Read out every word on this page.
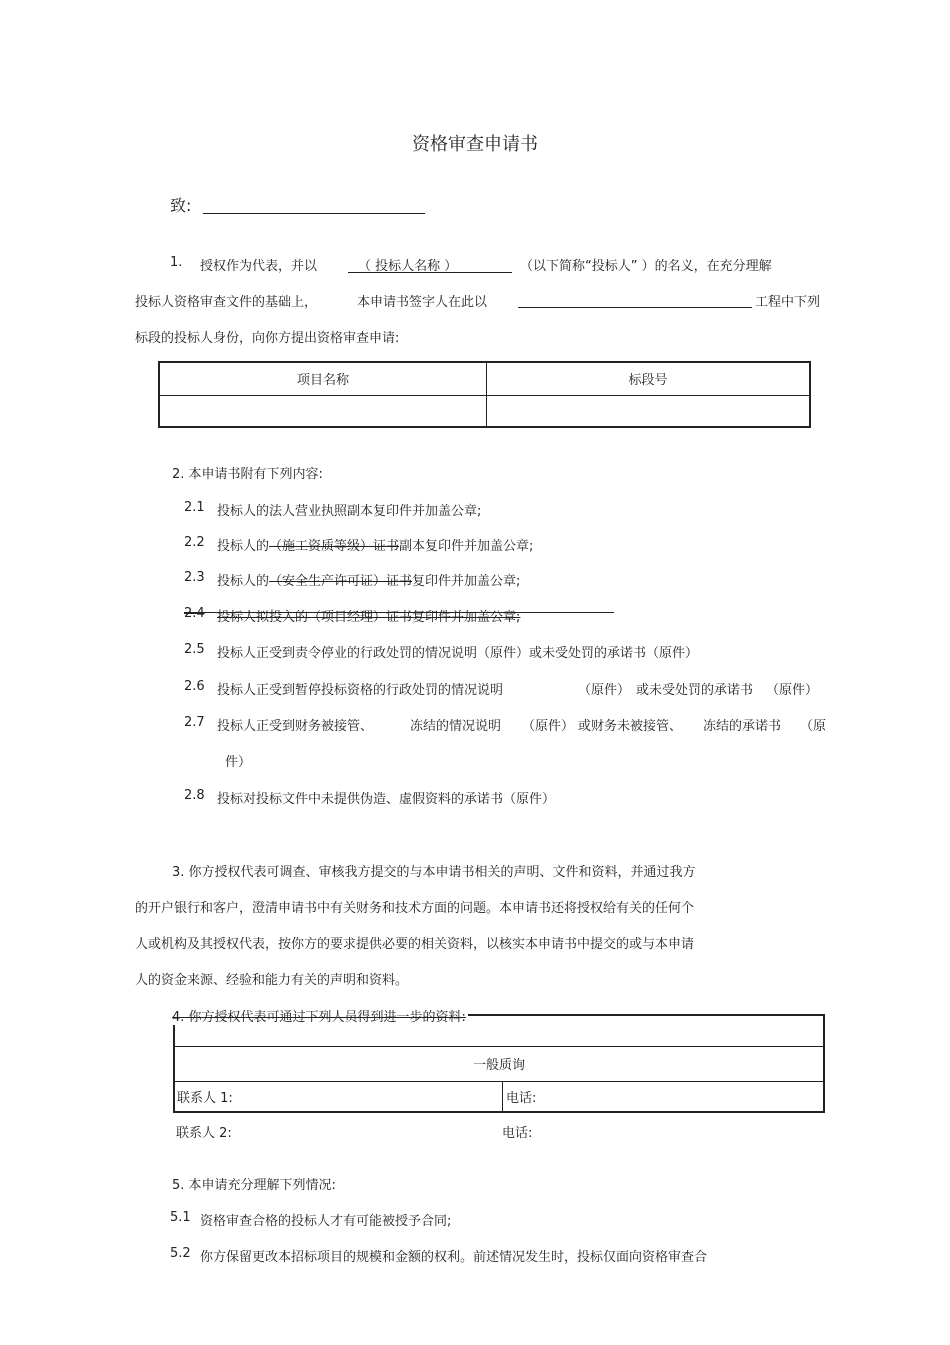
资格审查申请书
致:
1. 授权作为代表，并以	（ 投标人名称 ）	（以下简称“投标人” ）的名义，在充分理解
投标人资格审查文件的基础上，	本申请书签字人在此以	工程中下列
标段的投标人身份，向你方提出资格审查申请:
项目名称	标段号

2. 本申请书附有下列内容:
2.1 投标人的法人营业执照副本复印件并加盖公章;
2.2 投标人的（施工资质等级）证书副本复印件并加盖公章;
2.3 投标人的（安全生产许可证）证书复印件并加盖公章;
2.4 投标人拟投入的（项目经理）证书复印件并加盖公章;
2.5 投标人正受到责令停业的行政处罚的情况说明（原件）或未受处罚的承诺书（原件）
2.6 投标人正受到暂停投标资格的行政处罚的情况说明	（原件） 或未受处罚的承诺书 （原件）
2.7 投标人正受到财务被接管、	冻结的情况说明 （原件） 或财务未被接管、 冻结的承诺书 （原
件）
2.8 投标对投标文件中未提供伪造、虚假资料的承诺书（原件）
3. 你方授权代表可调查、审核我方提交的与本申请书相关的声明、文件和资料，并通过我方
的开户银行和客户，澄清申请书中有关财务和技术方面的问题。本申请书还将授权给有关的任何个
人或机构及其授权代表，按你方的要求提供必要的相关资料，以核实本申请书中提交的或与本申请
人的资金来源、经验和能力有关的声明和资料。

一般质询
联系人 1:	电话:
4. 你方授权代表可通过下列人员得到进一步的资料:
联系人 2:	电话:
5. 本申请充分理解下列情况:
5.1 资格审查合格的投标人才有可能被授予合同;
5.2 你方保留更改本招标项目的规模和金额的权利。前述情况发生时，投标仅面向资格审查合
